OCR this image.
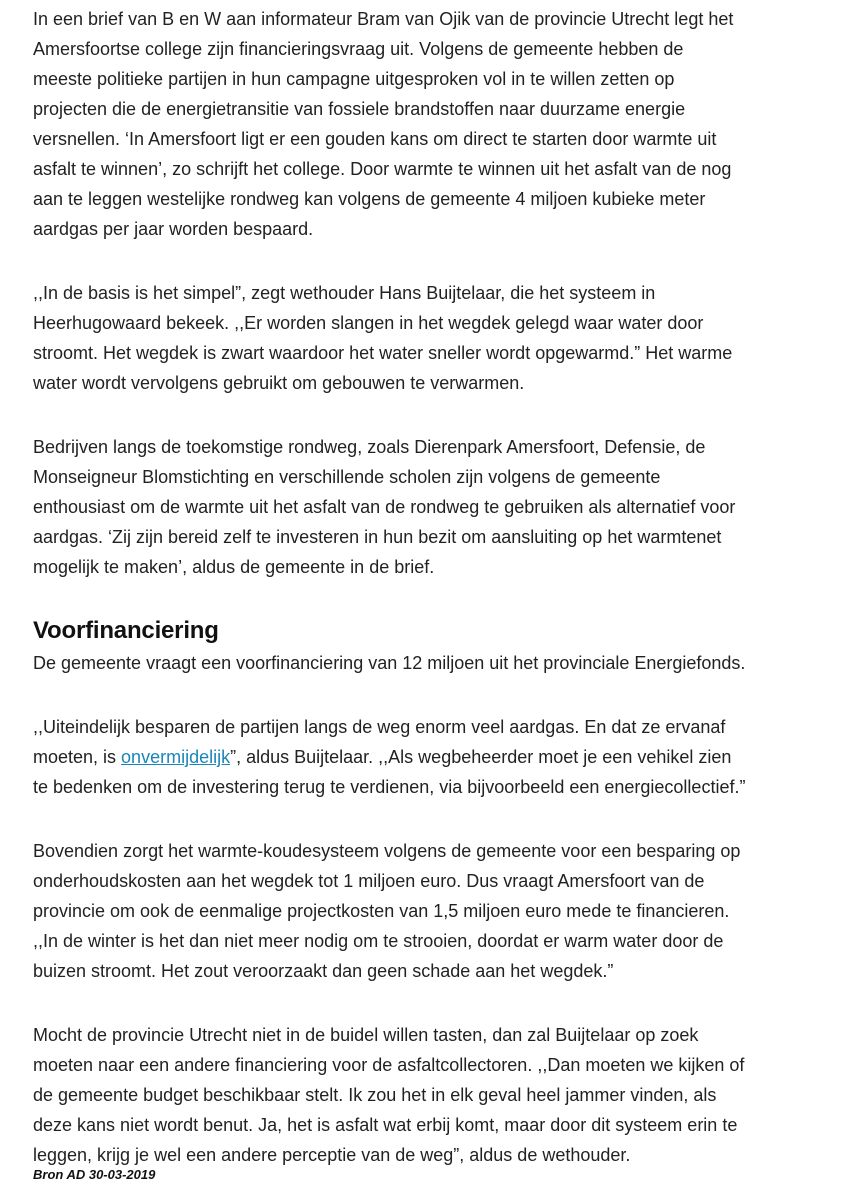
In een brief van B en W aan informateur Bram van Ojik van de provincie Utrecht legt het
Amersfoortse college zijn financieringsvraag uit. Volgens de gemeente hebben de
meeste politieke partijen in hun campagne uitgesproken vol in te willen zetten op
projecten die de energietransitie van fossiele brandstoffen naar duurzame energie
versnellen. ‘In Amersfoort ligt er een gouden kans om direct te starten door warmte uit
asfalt te winnen’, zo schrijft het college. Door warmte te winnen uit het asfalt van de nog
aan te leggen westelijke rondweg kan volgens de gemeente 4 miljoen kubieke meter
aardgas per jaar worden bespaard.

,,In de basis is het simpel”, zegt wethouder Hans Buijtelaar, die het systeem in
Heerhugowaard bekeek. ,,Er worden slangen in het wegdek gelegd waar water door
stroomt. Het wegdek is zwart waardoor het water sneller wordt opgewarmd.” Het warme
water wordt vervolgens gebruikt om gebouwen te verwarmen.

Bedrijven langs de toekomstige rondweg, zoals Dierenpark Amersfoort, Defensie, de
Monseigneur Blomstichting en verschillende scholen zijn volgens de gemeente
enthousiast om de warmte uit het asfalt van de rondweg te gebruiken als alternatief voor
aardgas. ‘Zij zijn bereid zelf te investeren in hun bezit om aansluiting op het warmtenet
mogelijk te maken’, aldus de gemeente in de brief.

Voorfinanciering

De gemeente vraagt een voorfinanciering van 12 miljoen uit het provinciale Energiefonds.

,,Uiteindelijk besparen de partijen langs de weg enorm veel aardgas. En dat ze ervanaf
moeten, is onvermijdelijk”, aldus Buijtelaar. ,,Als wegbeheerder moet je een vehikel zien
te bedenken om de investering terug te verdienen, via bijvoorbeeld een energiecollectief.”

Bovendien zorgt het warmte-koudesysteem volgens de gemeente voor een besparing op
onderhoudskosten aan het wegdek tot 1 miljoen euro. Dus vraagt Amersfoort van de
provincie om ook de eenmalige projectkosten van 1,5 miljoen euro mede te financieren.
,,In de winter is het dan niet meer nodig om te strooien, doordat er warm water door de
buizen stroomt. Het zout veroorzaakt dan geen schade aan het wegdek.”

Mocht de provincie Utrecht niet in de buidel willen tasten, dan zal Buijtelaar op zoek
moeten naar een andere financiering voor de asfaltcollectoren. ,,Dan moeten we kijken of
de gemeente budget beschikbaar stelt. Ik zou het in elk geval heel jammer vinden, als
deze kans niet wordt benut. Ja, het is asfalt wat erbij komt, maar door dit systeem erin te
leggen, krijg je wel een andere perceptie van de weg”, aldus de wethouder.

Bron AD 30-03-2019
